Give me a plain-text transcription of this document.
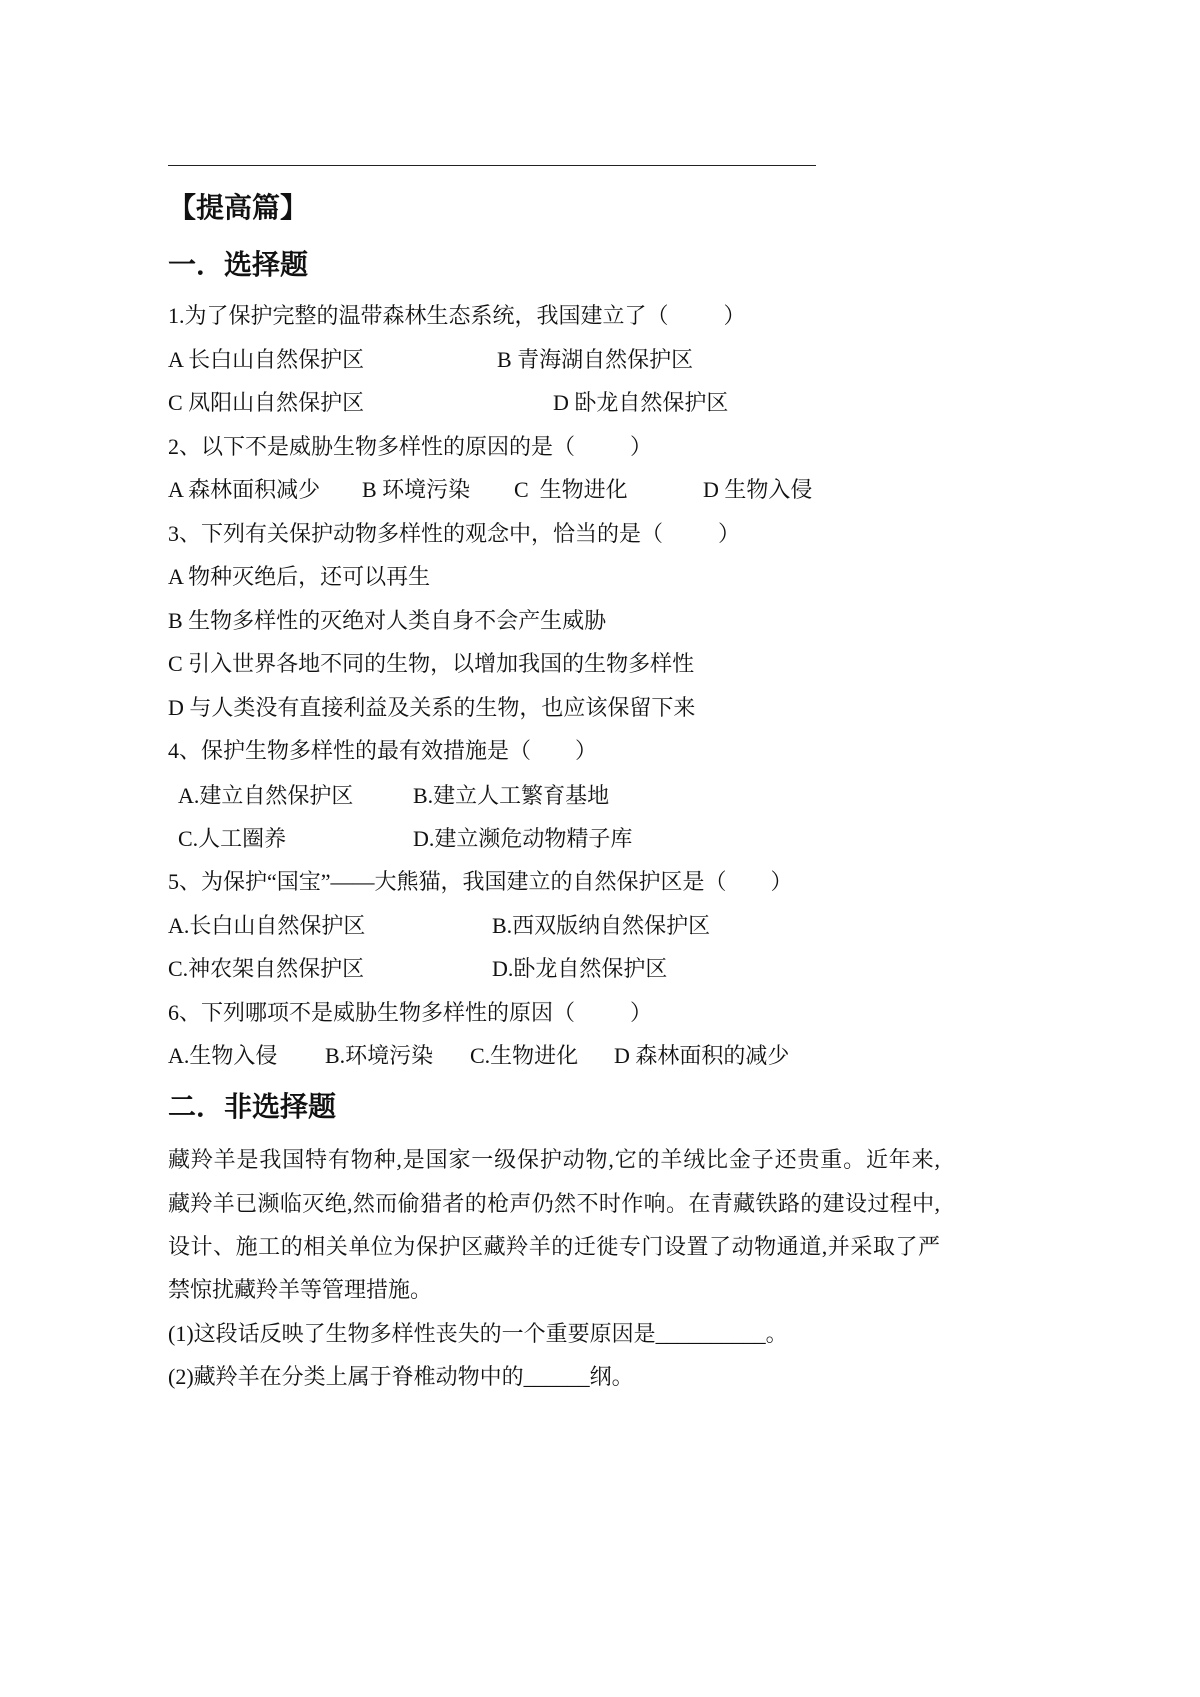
【提高篇】
一．选择题
1.为了保护完整的温带森林生态系统，我国建立了（          ）
A 长白山自然保护区	B 青海湖自然保护区
C 凤阳山自然保护区	D 卧龙自然保护区
2、以下不是威胁生物多样性的原因的是（          ）
A 森林面积减少 B 环境污染 C  生物进化	D 生物入侵
3、下列有关保护动物多样性的观念中，恰当的是（          ）
A 物种灭绝后，还可以再生
B 生物多样性的灭绝对人类自身不会产生威胁
C 引入世界各地不同的生物，以增加我国的生物多样性
D 与人类没有直接利益及关系的生物，也应该保留下来
4、保护生物多样性的最有效措施是（        ）
A.建立自然保护区	B.建立人工繁育基地
C.人工圈养	D.建立濒危动物精子库
5、为保护“国宝”——大熊猫，我国建立的自然保护区是（        ）
A.长白山自然保护区	B.西双版纳自然保护区
C.神农架自然保护区	D.卧龙自然保护区
6、下列哪项不是威胁生物多样性的原因（          ）
A.生物入侵 B.环境污染 C.生物进化 D 森林面积的减少
二．非选择题
藏羚羊是我国特有物种,是国家一级保护动物,它的羊绒比金子还贵重。近年来,
藏羚羊已濒临灭绝,然而偷猎者的枪声仍然不时作响。在青藏铁路的建设过程中,
设计、施工的相关单位为保护区藏羚羊的迁徙专门设置了动物通道,并采取了严
禁惊扰藏羚羊等管理措施。
(1)这段话反映了生物多样性丧失的一个重要原因是__________。
(2)藏羚羊在分类上属于脊椎动物中的______纲。
